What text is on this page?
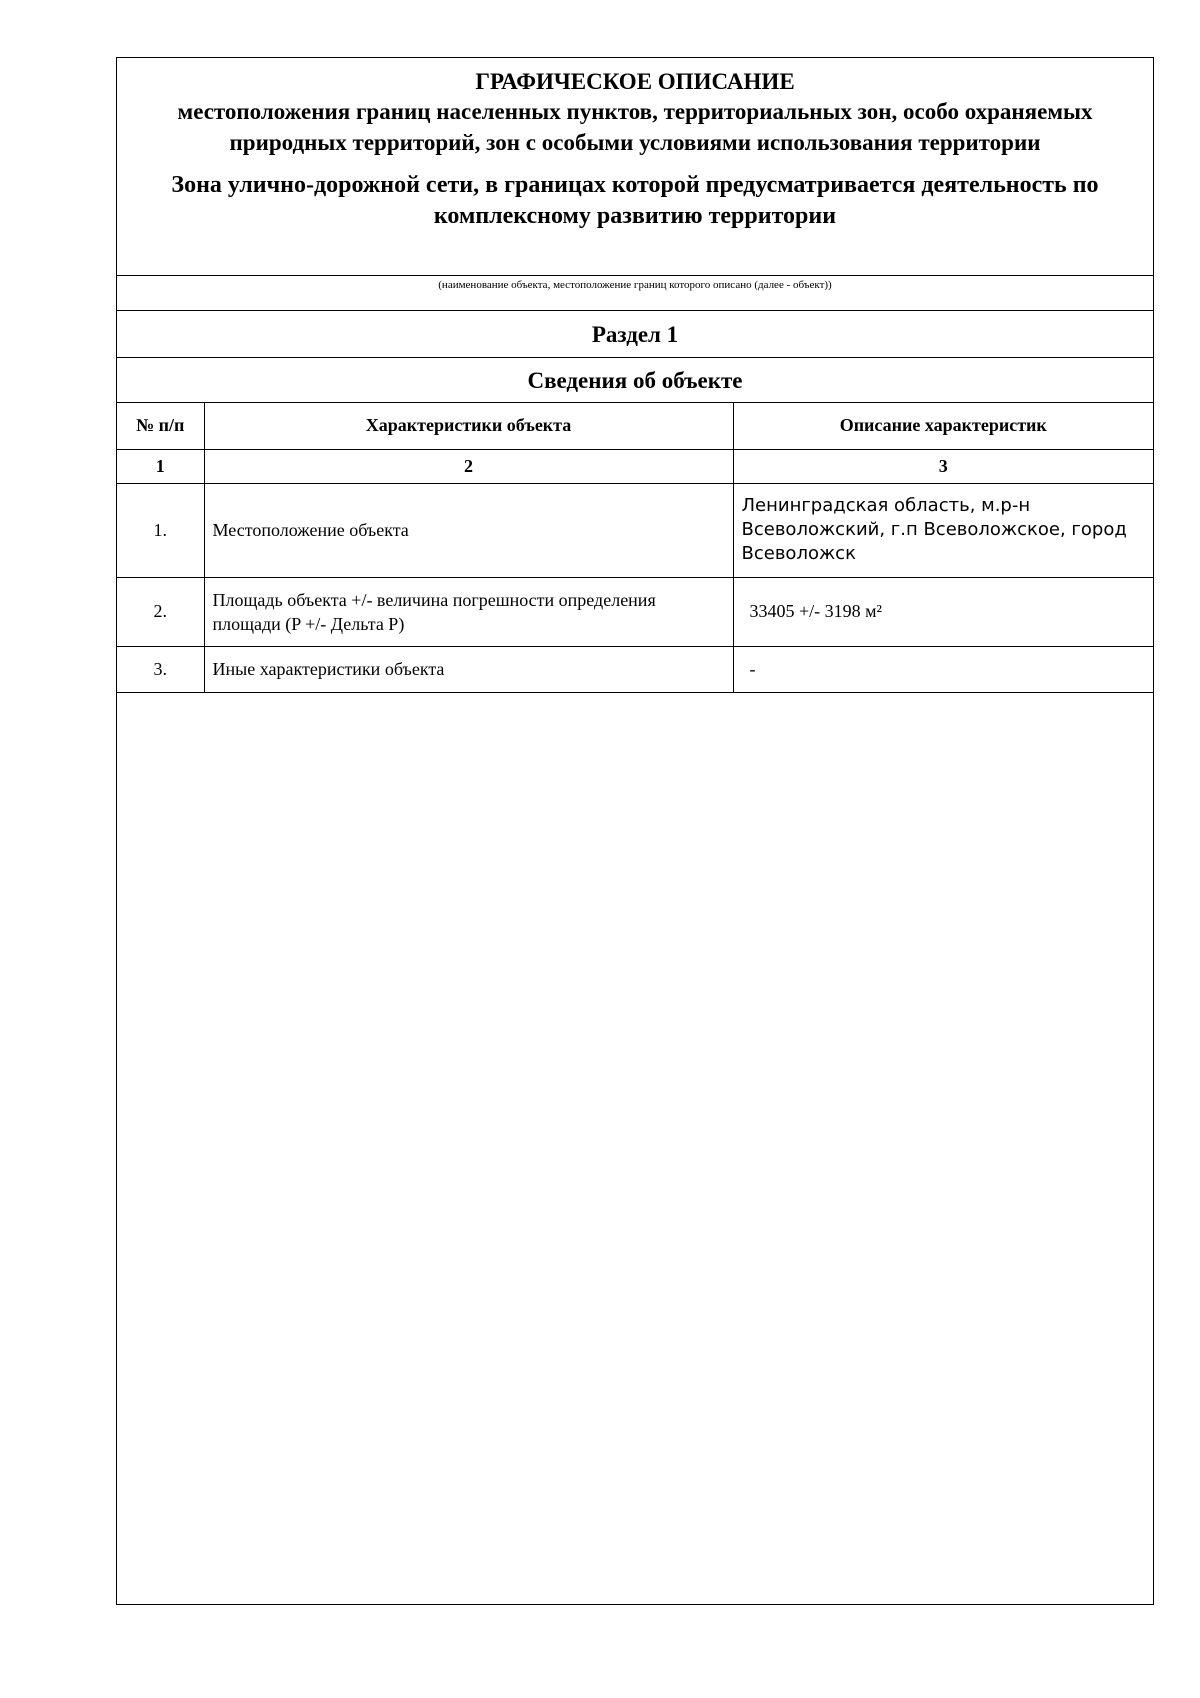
ГРАФИЧЕСКОЕ ОПИСАНИЕ
местоположения границ населенных пунктов, территориальных зон, особо охраняемых природных территорий, зон с особыми условиями использования территории
Зона улично-дорожной сети, в границах которой предусматривается деятельность по комплексному развитию территории
(наименование объекта, местоположение границ которого описано (далее - объект))
Раздел 1
Сведения об объекте
№ п/п	Характеристики объекта	Описание характеристик
1	2	3
1.	Местоположение объекта	Ленинградская область, м.р-н Всеволожский, г.п Всеволожское, город Всеволожск
2.	Площадь объекта +/- величина погрешности определения площади (P +/- Дельта P)	33405 +/- 3198 м²
3.	Иные характеристики объекта	-
